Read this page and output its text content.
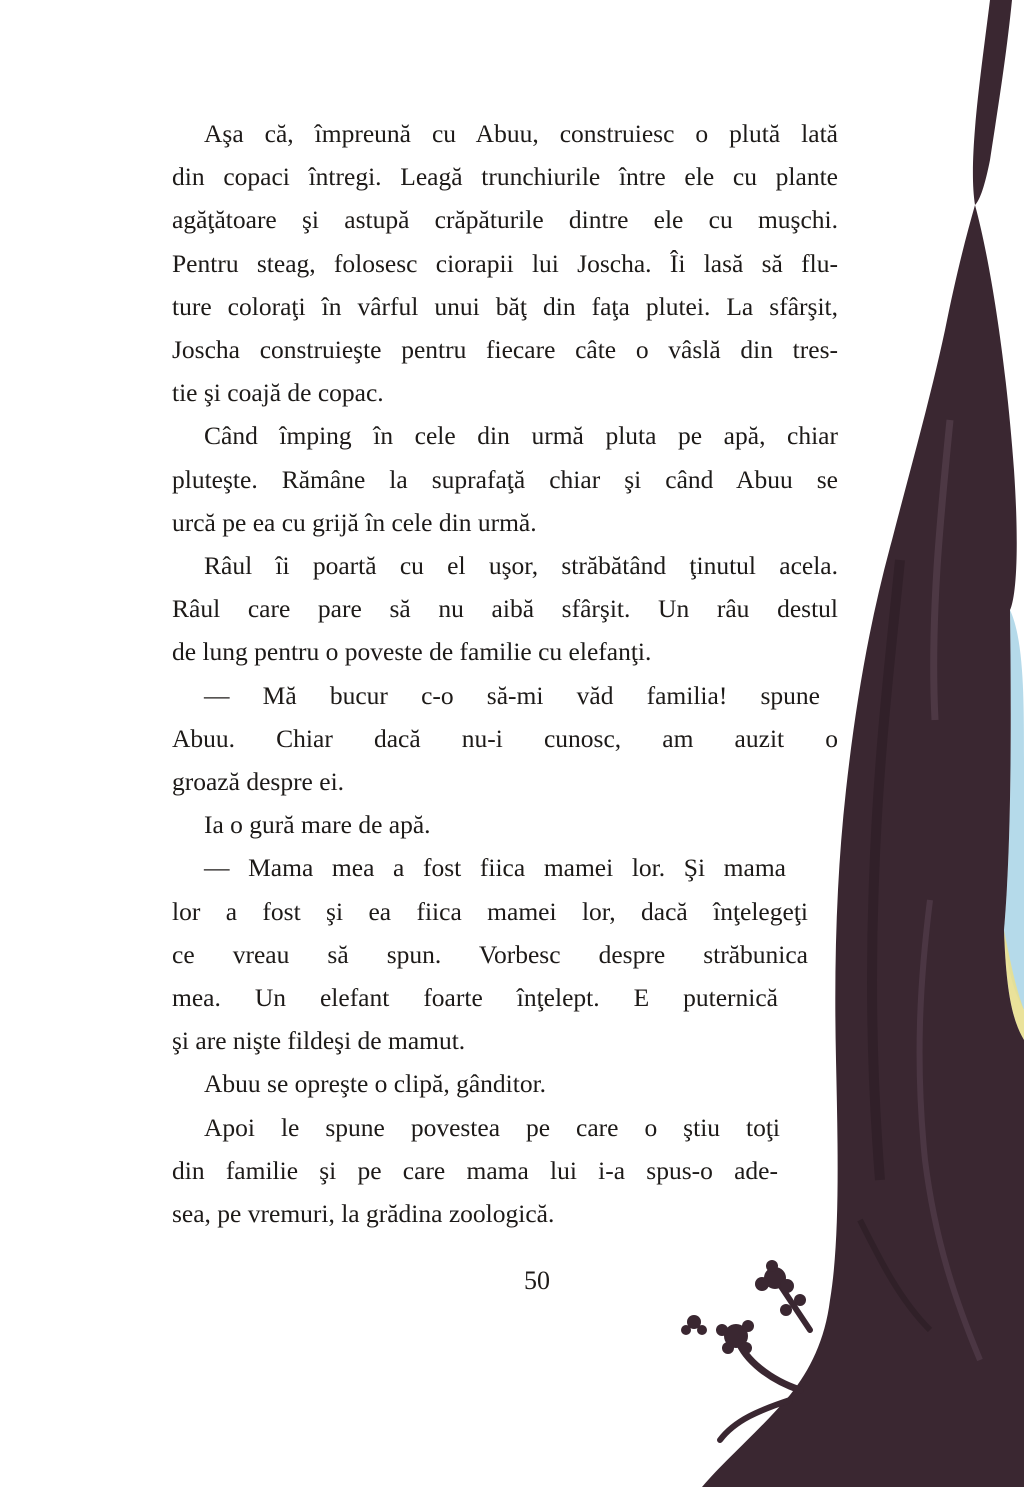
Aşa că, împreună cu Abuu, construiesc o plută lată
din copaci întregi. Leagă trunchiurile între ele cu plante
agăţătoare şi astupă crăpăturile dintre ele cu muşchi.
Pentru steag, folosesc ciorapii lui Joscha. Îi lasă să flu-
ture coloraţi în vârful unui băţ din faţa plutei. La sfârşit,
Joscha construieşte pentru fiecare câte o vâslă din tres-
tie şi coajă de copac.
Când împing în cele din urmă pluta pe apă, chiar
pluteşte. Rămâne la suprafaţă chiar şi când Abuu se
urcă pe ea cu grijă în cele din urmă.
Râul îi poartă cu el uşor, străbătând ţinutul acela.
Râul care pare să nu aibă sfârşit. Un râu destul
de lung pentru o poveste de familie cu elefanţi.
— Mă bucur c-o să-mi văd familia! spune
Abuu. Chiar dacă nu-i cunosc, am auzit o
groază despre ei.
Ia o gură mare de apă.
— Mama mea a fost fiica mamei lor. Şi mama
lor a fost şi ea fiica mamei lor, dacă înţelegeţi
ce vreau să spun. Vorbesc despre străbunica
mea. Un elefant foarte înţelept. E puternică
şi are nişte fildeşi de mamut.
Abuu se opreşte o clipă, gânditor.
Apoi le spune povestea pe care o ştiu toţi
din familie şi pe care mama lui i-a spus-o ade-
sea, pe vremuri, la grădina zoologică.
50
